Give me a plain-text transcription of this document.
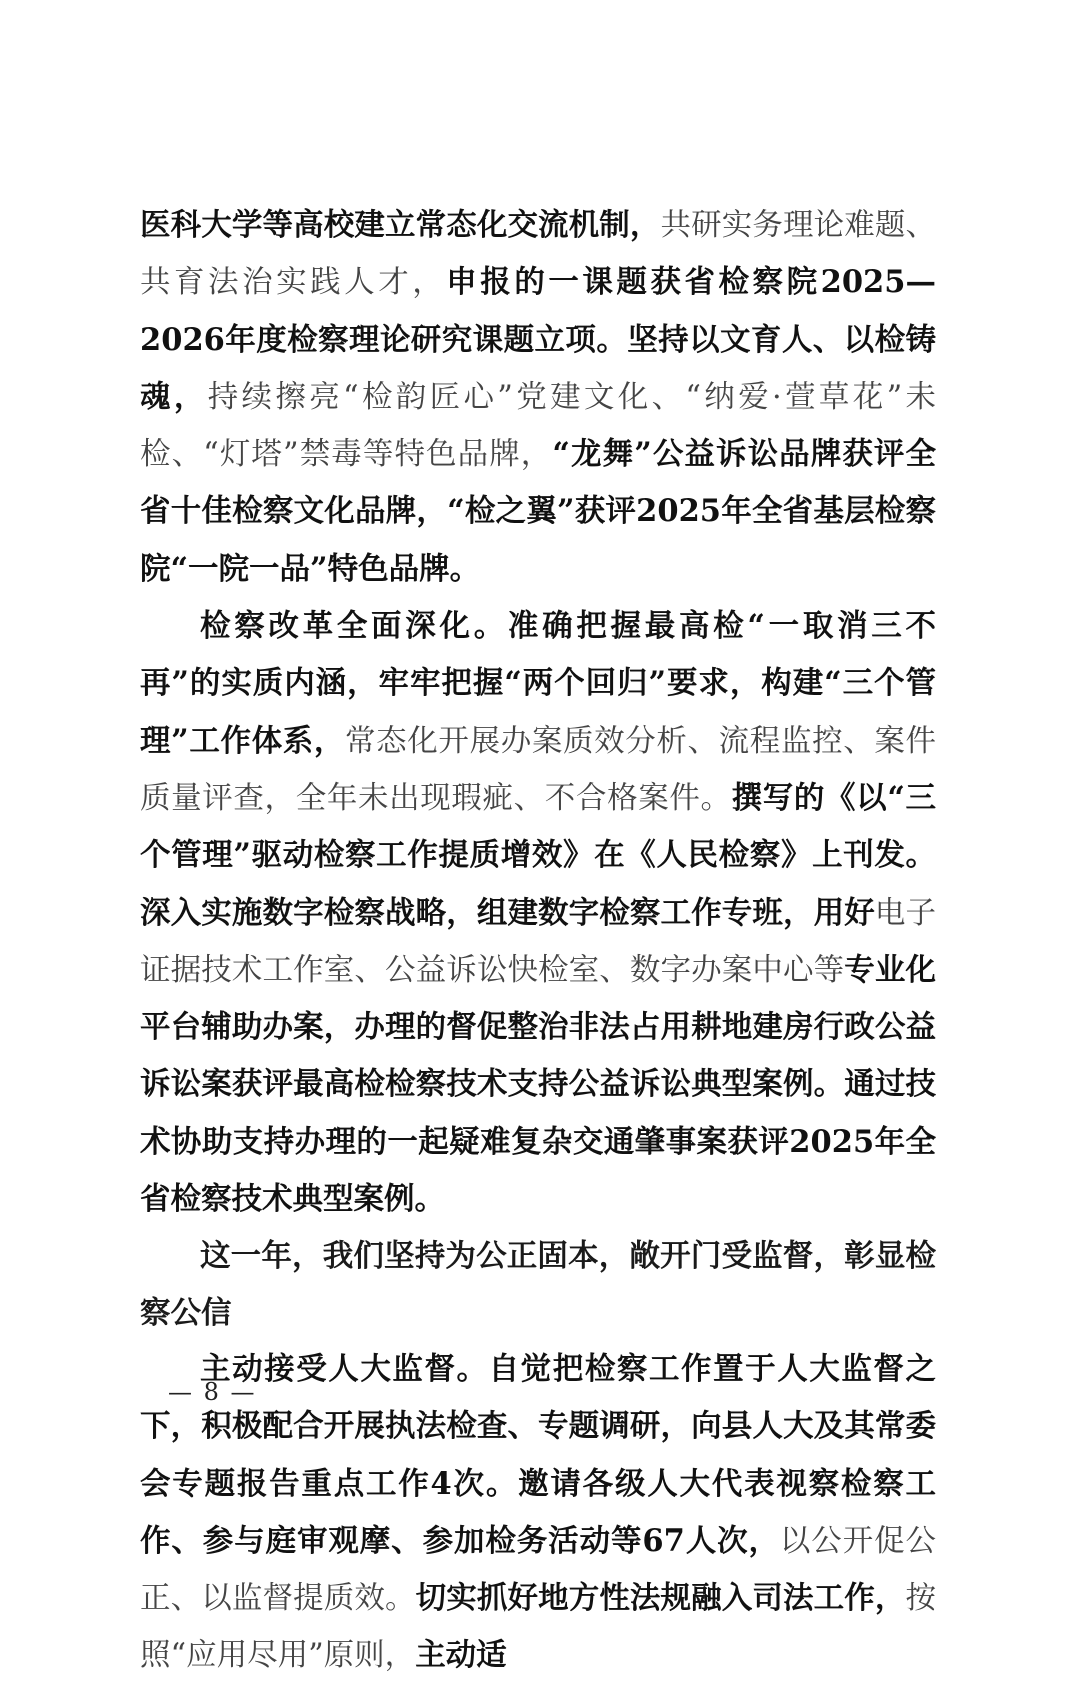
医科大学等高校建立常态化交流机制，共研实务理论难题、共育法治实践人才，申报的一课题获省检察院2025—2026年度检察理论研究课题立项。坚持以文育人、以检铸魂，持续擦亮“检韵匠心”党建文化、“纳爱·萱草花”未检、“灯塔”禁毒等特色品牌，“龙舞”公益诉讼品牌获评全省十佳检察文化品牌，“检之翼”获评2025年全省基层检察院“一院一品”特色品牌。

检察改革全面深化。准确把握最高检“一取消三不再”的实质内涵，牢牢把握“两个回归”要求，构建“三个管理”工作体系，常态化开展办案质效分析、流程监控、案件质量评查，全年未出现瑕疵、不合格案件。撰写的《以“三个管理”驱动检察工作提质增效》在《人民检察》上刊发。深入实施数字检察战略，组建数字检察工作专班，用好电子证据技术工作室、公益诉讼快检室、数字办案中心等专业化平台辅助办案，办理的督促整治非法占用耕地建房行政公益诉讼案获评最高检检察技术支持公益诉讼典型案例。通过技术协助支持办理的一起疑难复杂交通肇事案获评2025年全省检察技术典型案例。

这一年，我们坚持为公正固本，敞开门受监督，彰显检察公信

主动接受人大监督。自觉把检察工作置于人大监督之下，积极配合开展执法检查、专题调研，向县人大及其常委会专题报告重点工作4次。邀请各级人大代表视察检察工作、参与庭审观摩、参加检务活动等67人次，以公开促公正、以监督提质效。切实抓好地方性法规融入司法工作，按照“应用尽用”原则，主动适

— 8 —
